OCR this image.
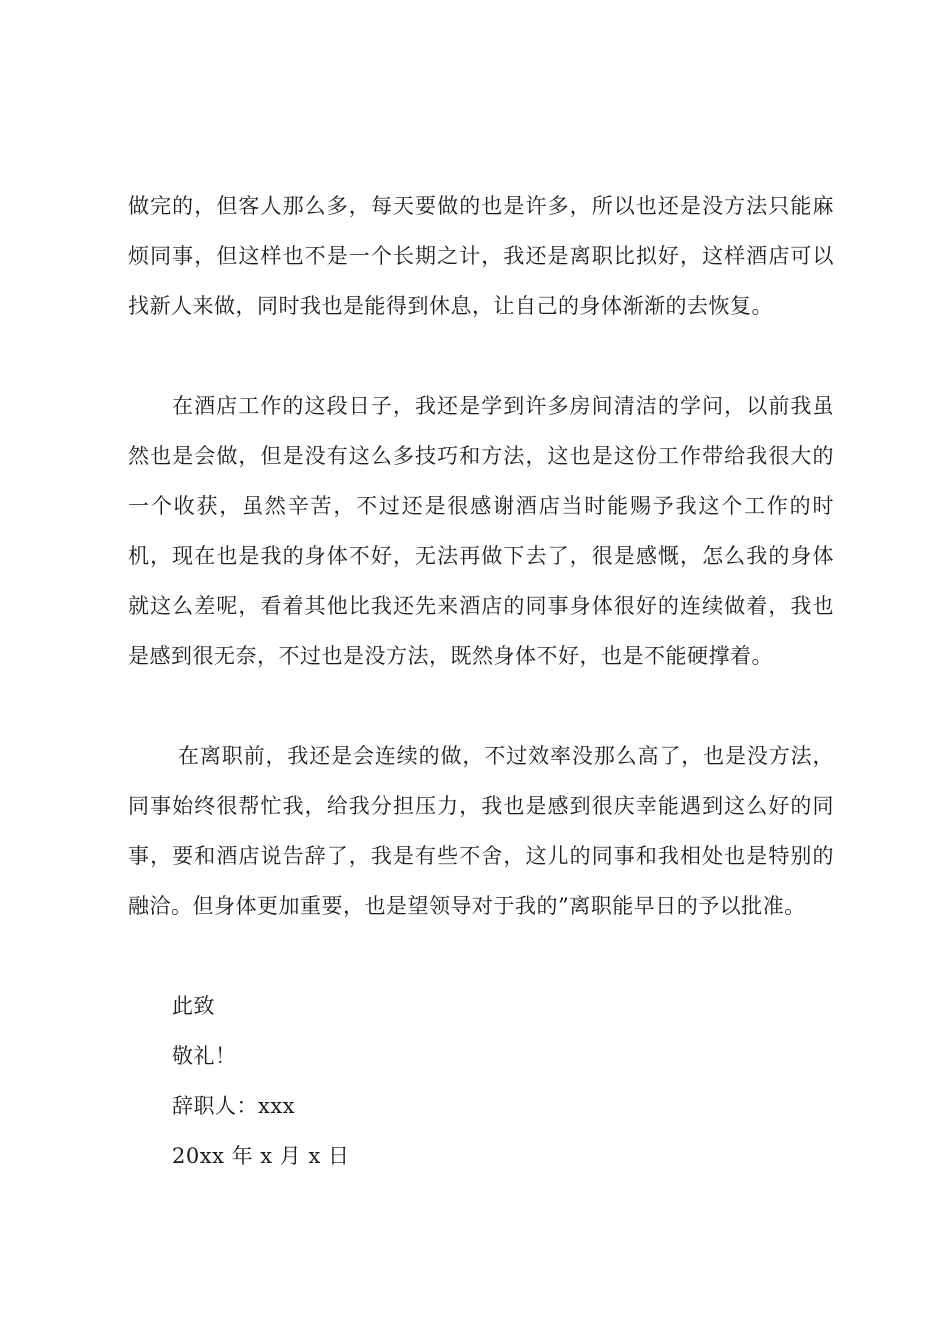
做完的，但客人那么多，每天要做的也是许多，所以也还是没方法只能麻烦同事，但这样也不是一个长期之计，我还是离职比拟好，这样酒店可以找新人来做，同时我也是能得到休息，让自己的身体渐渐的去恢复。

在酒店工作的这段日子，我还是学到许多房间清洁的学问，以前我虽然也是会做，但是没有这么多技巧和方法，这也是这份工作带给我很大的一个收获，虽然辛苦，不过还是很感谢酒店当时能赐予我这个工作的时机，现在也是我的身体不好，无法再做下去了，很是感慨，怎么我的身体就这么差呢，看着其他比我还先来酒店的同事身体很好的连续做着，我也是感到很无奈，不过也是没方法，既然身体不好，也是不能硬撑着。

在离职前，我还是会连续的做，不过效率没那么高了，也是没方法，同事始终很帮忙我，给我分担压力，我也是感到很庆幸能遇到这么好的同事，要和酒店说告辞了，我是有些不舍，这儿的同事和我相处也是特别的融洽。但身体更加重要，也是望领导对于我的”离职能早日的予以批准。

此致
敬礼！
辞职人：xxx
20xx 年 x 月 x 日
